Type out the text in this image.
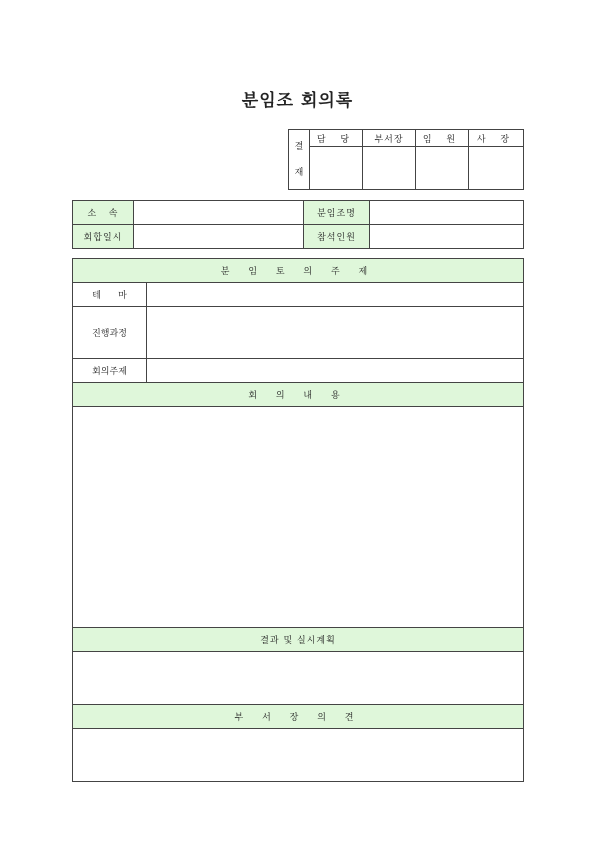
분임조 회의록
결
재	담 당	부서장	임 원	사 장

소   속		분임조명	
회합일시		참석인원	
분 임 토 의 주 제	
테      마	
진행과정	
회의주제	
회 의 내 용	

결과 및 실시계획	

부 서 장 의 견	
